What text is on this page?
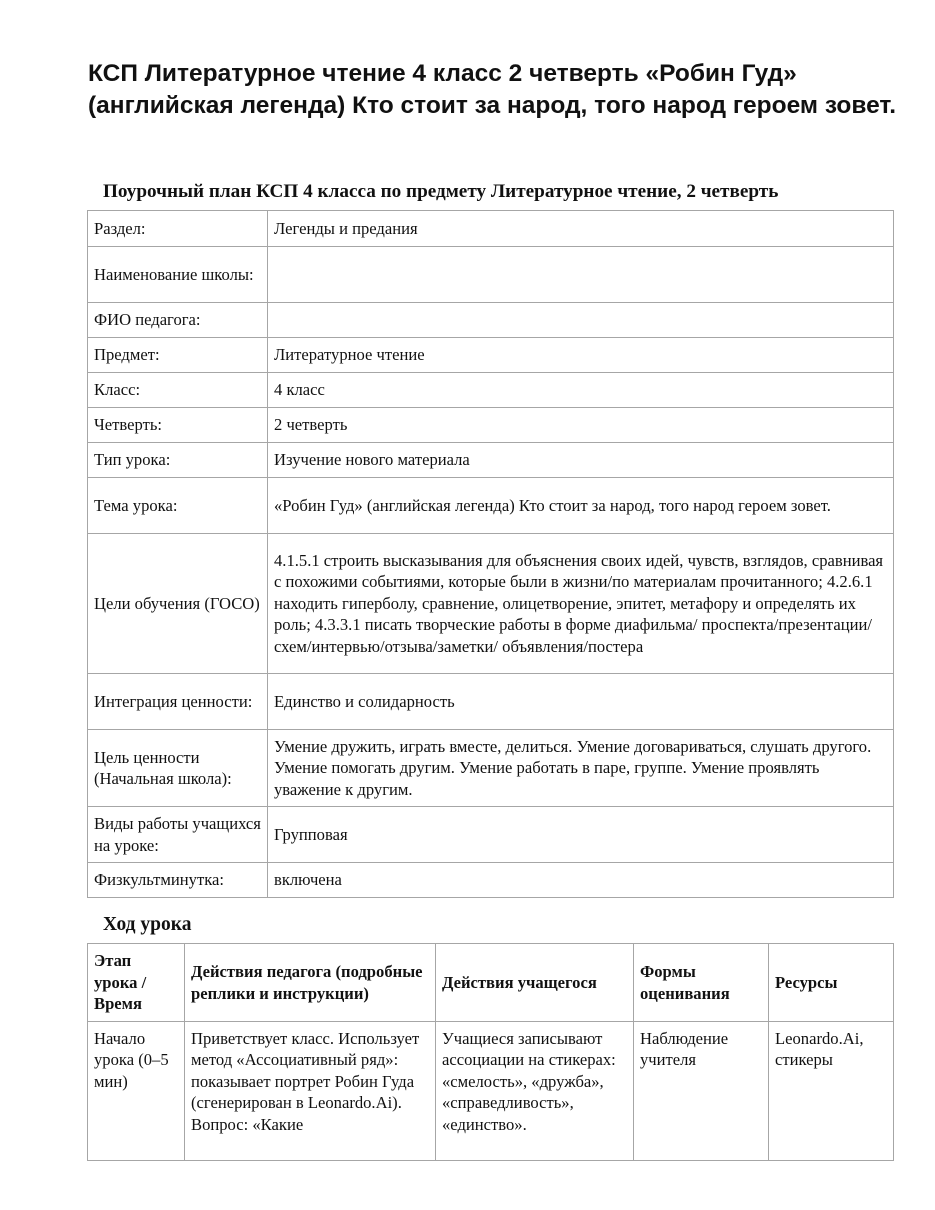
КСП Литературное чтение 4 класс 2 четверть «Робин Гуд» (английская легенда) Кто стоит за народ, того народ героем зовет.
Поурочный план КСП 4 класса по предмету Литературное чтение, 2 четверть
Раздел:	Легенды и предания
Наименование школы:	
ФИО педагога:	
Предмет:	Литературное чтение
Класс:	4 класс
Четверть:	2 четверть
Тип урока:	Изучение нового материала
Тема урока:	«Робин Гуд» (английская легенда) Кто стоит за народ, того народ героем зовет.
Цели обучения (ГОСО)	4.1.5.1 строить высказывания для объяснения своих идей, чувств, взглядов, сравнивая с похожими событиями, которые были в жизни/по материалам прочитанного; 4.2.6.1 находить гиперболу, сравнение, олицетворение, эпитет, метафору и определять их роль; 4.3.3.1 писать творческие работы в форме диафильма/ проспекта/презентации/схем/интервью/отзыва/заметки/ объявления/постера
Интеграция ценности:	Единство и солидарность
Цель ценности (Начальная школа):	Умение дружить, играть вместе, делиться. Умение договариваться, слушать другого. Умение помогать другим. Умение работать в паре, группе. Умение проявлять уважение к другим.
Виды работы учащихся на уроке:	Групповая
Физкультминутка:	включена
Ход урока
Этап урока / Время	Действия педагога (подробные реплики и инструкции)	Действия учащегося	Формы оценивания	Ресурсы
Начало урока (0–5 мин)	Приветствует класс. Использует метод «Ассоциативный ряд»: показывает портрет Робин Гуда (сгенерирован в Leonardo.Ai). Вопрос: «Какие	Учащиеся записывают ассоциации на стикерах: «смелость», «дружба», «справедливость», «единство».	Наблюдение учителя	Leonardo.Ai, стикеры
